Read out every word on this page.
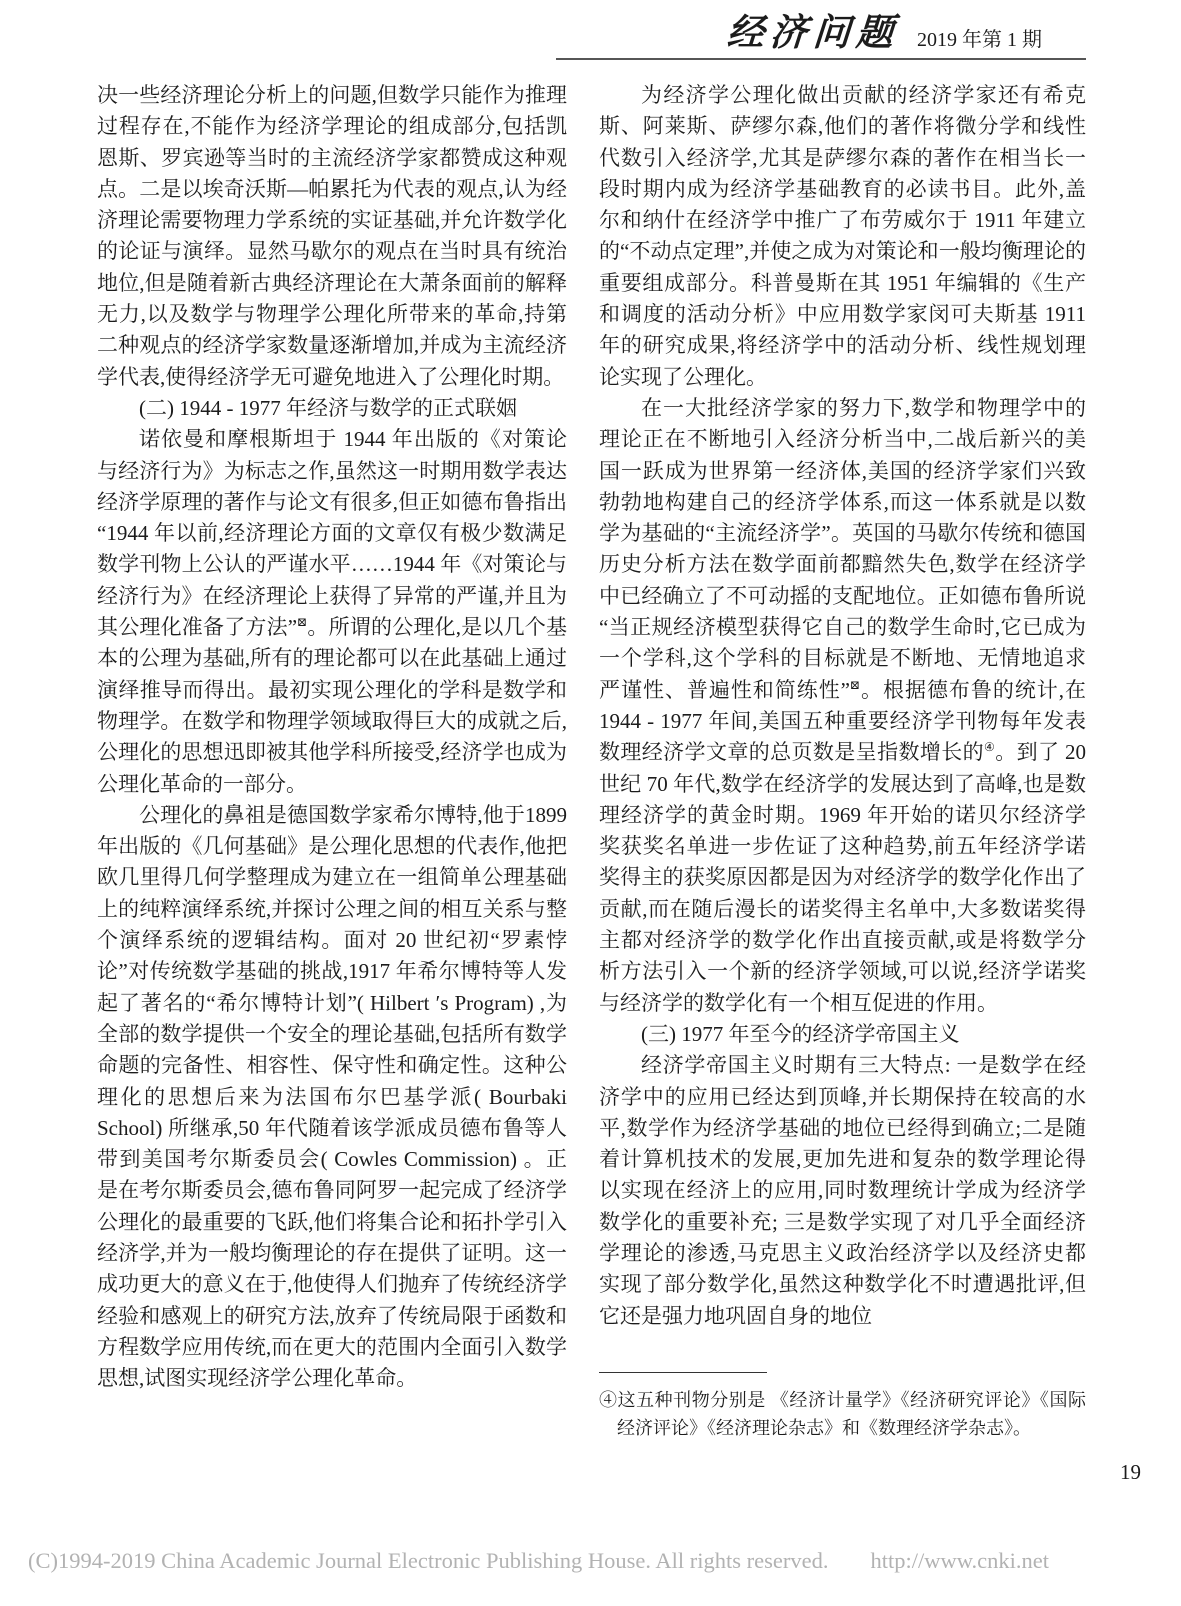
经济问题 2019 年第 1 期

决一些经济理论分析上的问题,但数学只能作为推理过程存在,不能作为经济学理论的组成部分,包括凯恩斯、罗宾逊等当时的主流经济学家都赞成这种观点。二是以埃奇沃斯—帕累托为代表的观点,认为经济理论需要物理力学系统的实证基础,并允许数学化的论证与演绎。显然马歇尔的观点在当时具有统治地位,但是随着新古典经济理论在大萧条面前的解释无力,以及数学与物理学公理化所带来的革命,持第二种观点的经济学家数量逐渐增加,并成为主流经济学代表,使得经济学无可避免地进入了公理化时期。

(二) 1944 - 1977 年经济与数学的正式联姻

诺依曼和摩根斯坦于 1944 年出版的《对策论与经济行为》为标志之作,虽然这一时期用数学表达经济学原理的著作与论文有很多,但正如德布鲁指出“1944 年以前,经济理论方面的文章仅有极少数满足数学刊物上公认的严谨水平……1944 年《对策论与经济行为》在经济理论上获得了异常的严谨,并且为其公理化准备了方法”⊠。所谓的公理化,是以几个基本的公理为基础,所有的理论都可以在此基础上通过演绎推导而得出。最初实现公理化的学科是数学和物理学。在数学和物理学领域取得巨大的成就之后,公理化的思想迅即被其他学科所接受,经济学也成为公理化革命的一部分。

公理化的鼻祖是德国数学家希尔博特,他于1899 年出版的《几何基础》是公理化思想的代表作,他把欧几里得几何学整理成为建立在一组简单公理基础上的纯粹演绎系统,并探讨公理之间的相互关系与整个演绎系统的逻辑结构。面对 20 世纪初“罗素悖论”对传统数学基础的挑战,1917 年希尔博特等人发起了著名的“希尔博特计划”( Hilbert ′s Program) ,为全部的数学提供一个安全的理论基础,包括所有数学命题的完备性、相容性、保守性和确定性。这种公理化的思想后来为法国布尔巴基学派( Bourbaki School) 所继承,50 年代随着该学派成员德布鲁等人带到美国考尔斯委员会( Cowles Commission) 。正是在考尔斯委员会,德布鲁同阿罗一起完成了经济学公理化的最重要的飞跃,他们将集合论和拓扑学引入经济学,并为一般均衡理论的存在提供了证明。这一成功更大的意义在于,他使得人们抛弃了传统经济学经验和感观上的研究方法,放弃了传统局限于函数和方程数学应用传统,而在更大的范围内全面引入数学思想,试图实现经济学公理化革命。

为经济学公理化做出贡献的经济学家还有希克斯、阿莱斯、萨缪尔森,他们的著作将微分学和线性代数引入经济学,尤其是萨缪尔森的著作在相当长一段时期内成为经济学基础教育的必读书目。此外,盖尔和纳什在经济学中推广了布劳威尔于 1911 年建立的“不动点定理”,并使之成为对策论和一般均衡理论的重要组成部分。科普曼斯在其 1951 年编辑的《生产和调度的活动分析》中应用数学家闵可夫斯基 1911 年的研究成果,将经济学中的活动分析、线性规划理论实现了公理化。

在一大批经济学家的努力下,数学和物理学中的理论正在不断地引入经济分析当中,二战后新兴的美国一跃成为世界第一经济体,美国的经济学家们兴致勃勃地构建自己的经济学体系,而这一体系就是以数学为基础的“主流经济学”。英国的马歇尔传统和德国历史分析方法在数学面前都黯然失色,数学在经济学中已经确立了不可动摇的支配地位。正如德布鲁所说“当正规经济模型获得它自己的数学生命时,它已成为一个学科,这个学科的目标就是不断地、无情地追求严谨性、普遍性和简练性”⊠。根据德布鲁的统计,在 1944 - 1977 年间,美国五种重要经济学刊物每年发表数理经济学文章的总页数是呈指数增长的④。到了 20 世纪 70 年代,数学在经济学的发展达到了高峰,也是数理经济学的黄金时期。1969 年开始的诺贝尔经济学奖获奖名单进一步佐证了这种趋势,前五年经济学诺奖得主的获奖原因都是因为对经济学的数学化作出了贡献,而在随后漫长的诺奖得主名单中,大多数诺奖得主都对经济学的数学化作出直接贡献,或是将数学分析方法引入一个新的经济学领域,可以说,经济学诺奖与经济学的数学化有一个相互促进的作用。

(三) 1977 年至今的经济学帝国主义

经济学帝国主义时期有三大特点: 一是数学在经济学中的应用已经达到顶峰,并长期保持在较高的水平,数学作为经济学基础的地位已经得到确立;二是随着计算机技术的发展,更加先进和复杂的数学理论得以实现在经济上的应用,同时数理统计学成为经济学数学化的重要补充; 三是数学实现了对几乎全面经济学理论的渗透,马克思主义政治经济学以及经济史都实现了部分数学化,虽然这种数学化不时遭遇批评,但它还是强力地巩固自身的地位

④这五种刊物分别是 《经济计量学》《经济研究评论》《国际经济评论》《经济理论杂志》和《数理经济学杂志》。

19
(C)1994-2019 China Academic Journal Electronic Publishing House. All rights reserved. http://www.cnki.net
